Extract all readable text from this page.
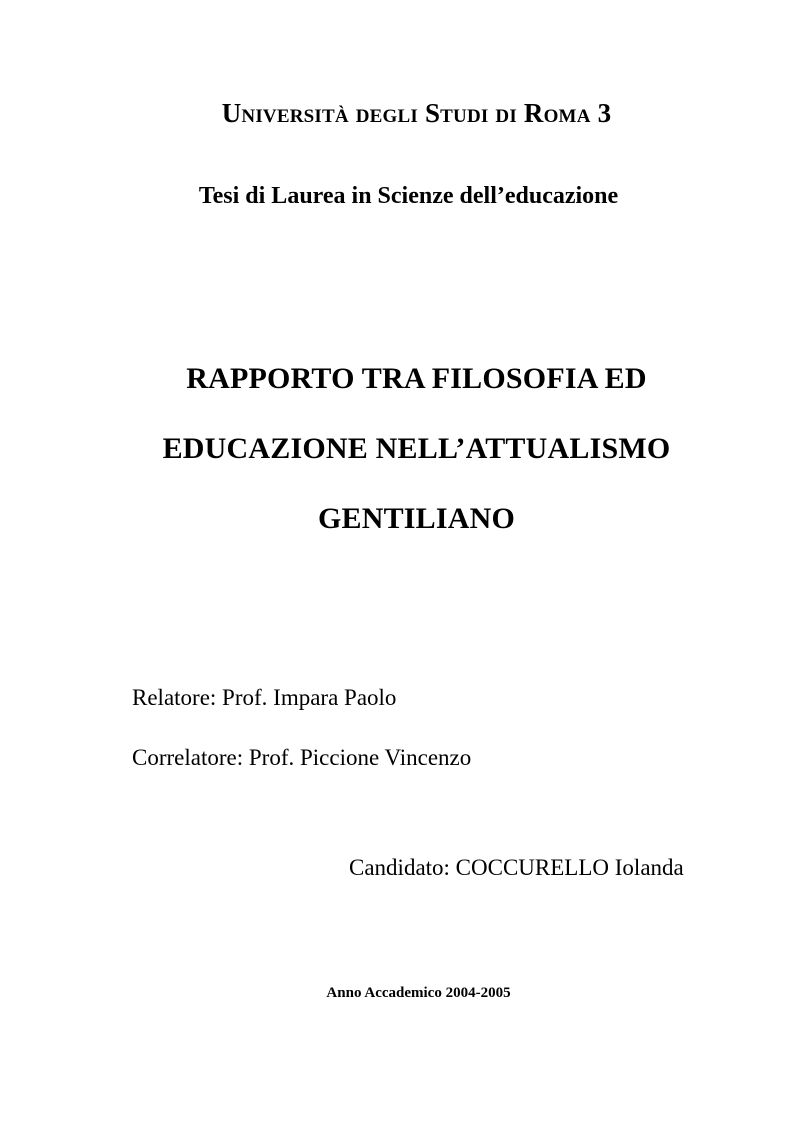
Università degli Studi di Roma 3
Tesi di Laurea in Scienze dell’educazione
RAPPORTO TRA FILOSOFIA ED
EDUCAZIONE NELL’ATTUALISMO
GENTILIANO
Relatore: Prof. Impara Paolo
Correlatore: Prof. Piccione Vincenzo
Candidato: COCCURELLO Iolanda
Anno Accademico 2004-2005
